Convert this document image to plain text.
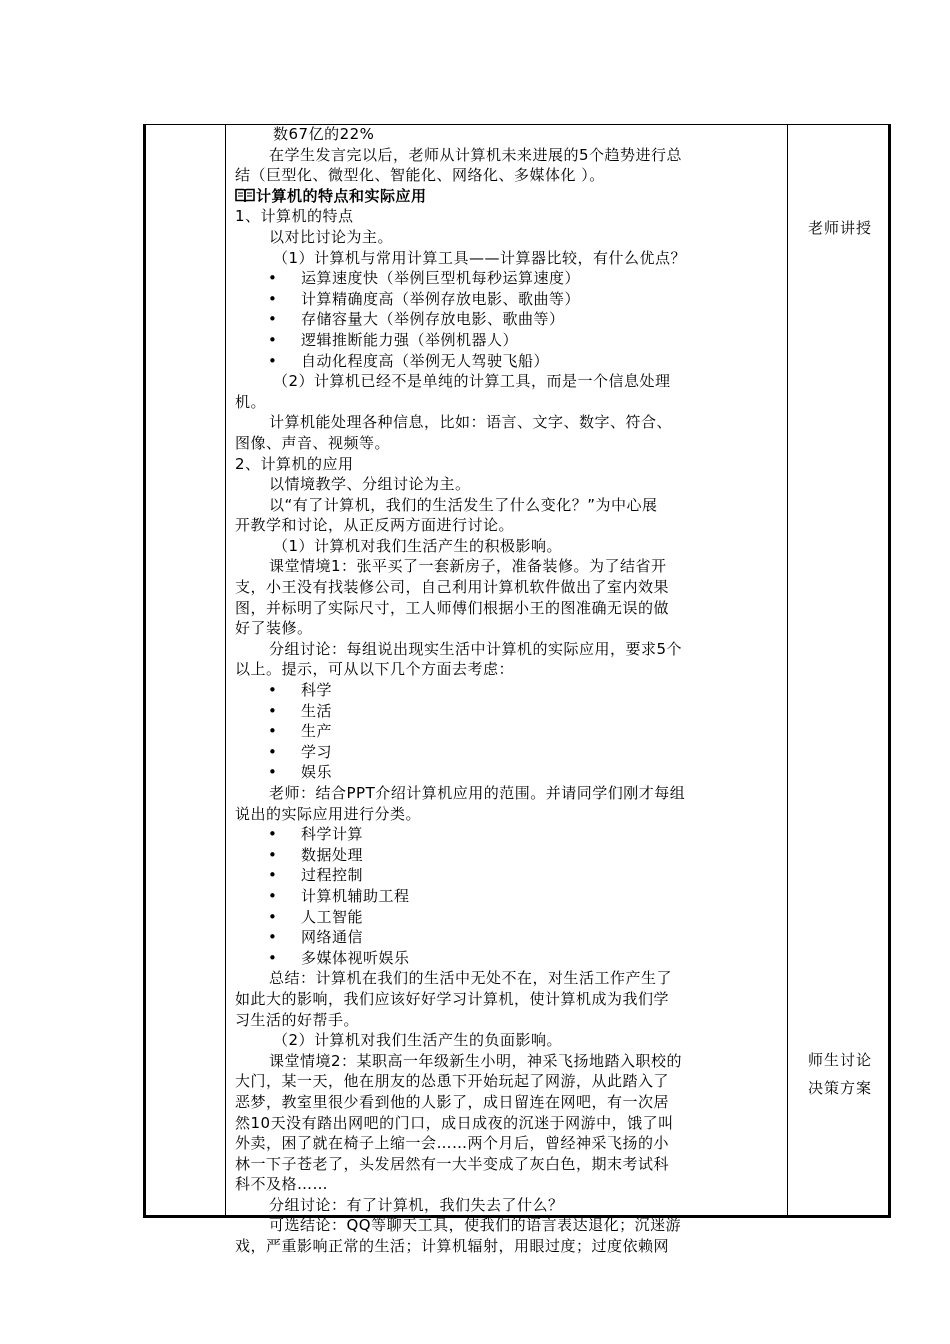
数67亿的22%

在学生发言完以后，老师从计算机未来进展的5个趋势进行总

结（巨型化、微型化、智能化、网络化、多媒体化 ）。

计算机的特点和实际应用

1、计算机的特点

以对比讨论为主。

（1）计算机与常用计算工具——计算器比较，有什么优点？

• 运算速度快（举例巨型机每秒运算速度）

• 计算精确度高（举例存放电影、歌曲等）

• 存储容量大（举例存放电影、歌曲等）

• 逻辑推断能力强（举例机器人）

• 自动化程度高（举例无人驾驶飞船）

（2）计算机已经不是单纯的计算工具，而是一个信息处理

机。

计算机能处理各种信息，比如：语言、文字、数字、符合、

图像、声音、视频等。

2、计算机的应用

以情境教学、分组讨论为主。

以“有了计算机，我们的生活发生了什么变化？”为中心展

开教学和讨论，从正反两方面进行讨论。

（1）计算机对我们生活产生的积极影响。

课堂情境1：张平买了一套新房子，准备装修。为了结省开

支，小王没有找装修公司，自己利用计算机软件做出了室内效果

图，并标明了实际尺寸，工人师傅们根据小王的图准确无误的做

好了装修。

分组讨论：每组说出现实生活中计算机的实际应用，要求5个

以上。提示，可从以下几个方面去考虑：

• 科学

• 生活

• 生产

• 学习

• 娱乐

老师：结合PPT介绍计算机应用的范围。并请同学们刚才每组

说出的实际应用进行分类。

• 科学计算

• 数据处理

• 过程控制

• 计算机辅助工程

• 人工智能

• 网络通信

• 多媒体视听娱乐

总结：计算机在我们的生活中无处不在，对生活工作产生了

如此大的影响，我们应该好好学习计算机，使计算机成为我们学

习生活的好帮手。

（2）计算机对我们生活产生的负面影响。

课堂情境2：某职高一年级新生小明，神采飞扬地踏入职校的

大门，某一天，他在朋友的怂恿下开始玩起了网游，从此踏入了

恶梦，教室里很少看到他的人影了，成日留连在网吧，有一次居

然10天没有踏出网吧的门口，成日成夜的沉迷于网游中，饿了叫

外卖，困了就在椅子上缩一会……两个月后，曾经神采飞扬的小

林一下子苍老了，头发居然有一大半变成了灰白色，期末考试科

科不及格……

分组讨论：有了计算机，我们失去了什么？

可选结论：QQ等聊天工具，使我们的语言表达退化；沉迷游

戏，严重影响正常的生活；计算机辐射，用眼过度；过度依赖网

老师讲授
师生讨论
决策方案
